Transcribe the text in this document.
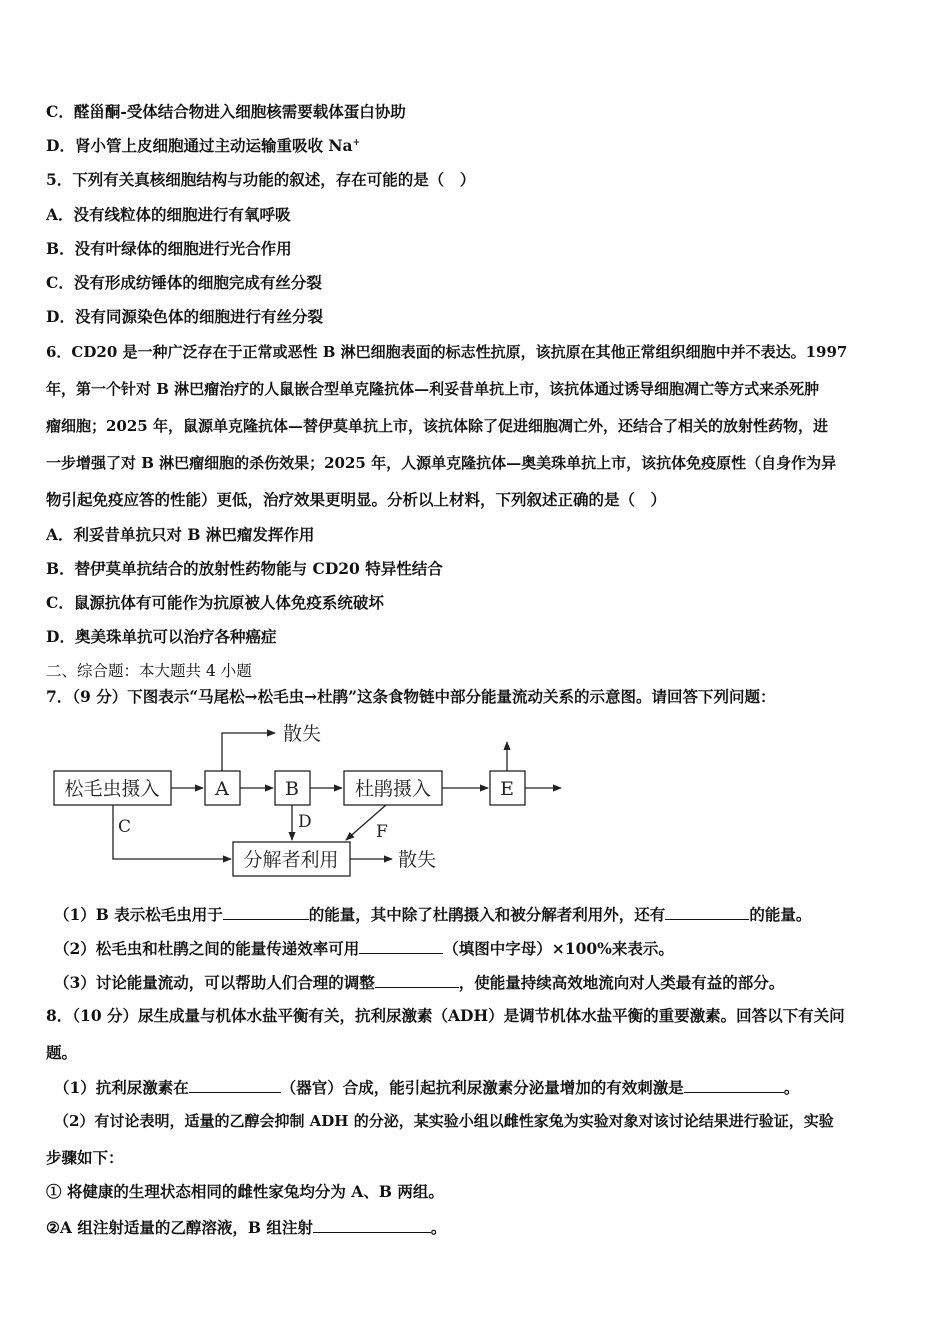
C．醛甾酮-受体结合物进入细胞核需要载体蛋白协助
D．肾小管上皮细胞通过主动运输重吸收 Na+
5．下列有关真核细胞结构与功能的叙述，存在可能的是（　）
A．没有线粒体的细胞进行有氧呼吸
B．没有叶绿体的细胞进行光合作用
C．没有形成纺锤体的细胞完成有丝分裂
D．没有同源染色体的细胞进行有丝分裂
6．CD20 是一种广泛存在于正常或恶性 B 淋巴细胞表面的标志性抗原，该抗原在其他正常组织细胞中并不表达。1997
年，第一个针对 B 淋巴瘤治疗的人鼠嵌合型单克隆抗体—利妥昔单抗上市，该抗体通过诱导细胞凋亡等方式来杀死肿
瘤细胞；2025 年，鼠源单克隆抗体—替伊莫单抗上市，该抗体除了促进细胞凋亡外，还结合了相关的放射性药物，进
一步增强了对 B 淋巴瘤细胞的杀伤效果；2025 年，人源单克隆抗体—奥美珠单抗上市，该抗体免疫原性（自身作为异
物引起免疫应答的性能）更低，治疗效果更明显。分析以上材料，下列叙述正确的是（　）
A．利妥昔单抗只对 B 淋巴瘤发挥作用
B．替伊莫单抗结合的放射性药物能与 CD20 特异性结合
C．鼠源抗体有可能作为抗原被人体免疫系统破坏
D．奥美珠单抗可以治疗各种癌症
二、综合题：本大题共 4 小题
7．（9 分）下图表示“马尾松→松毛虫→杜鹃”这条食物链中部分能量流动关系的示意图。请回答下列问题：
松毛虫摄入	A	B	杜鹃摄入	E
分解者利用
散失
散失
C	D	F
（1）B 表示松毛虫用于	的能量，其中除了杜鹃摄入和被分解者利用外，还有	的能量。
（2）松毛虫和杜鹃之间的能量传递效率可用	（填图中字母）×100%来表示。
（3）讨论能量流动，可以帮助人们合理的调整	，使能量持续高效地流向对人类最有益的部分。
8．（10 分）尿生成量与机体水盐平衡有关，抗利尿激素（ADH）是调节机体水盐平衡的重要激素。回答以下有关问
题。
（1）抗利尿激素在	（器官）合成，能引起抗利尿激素分泌量增加的有效刺激是	。
（2）有讨论表明，适量的乙醇会抑制 ADH 的分泌，某实验小组以雌性家兔为实验对象对该讨论结果进行验证，实验
步骤如下：
① 将健康的生理状态相同的雌性家兔均分为 A、B 两组。
②A 组注射适量的乙醇溶液，B 组注射	。
